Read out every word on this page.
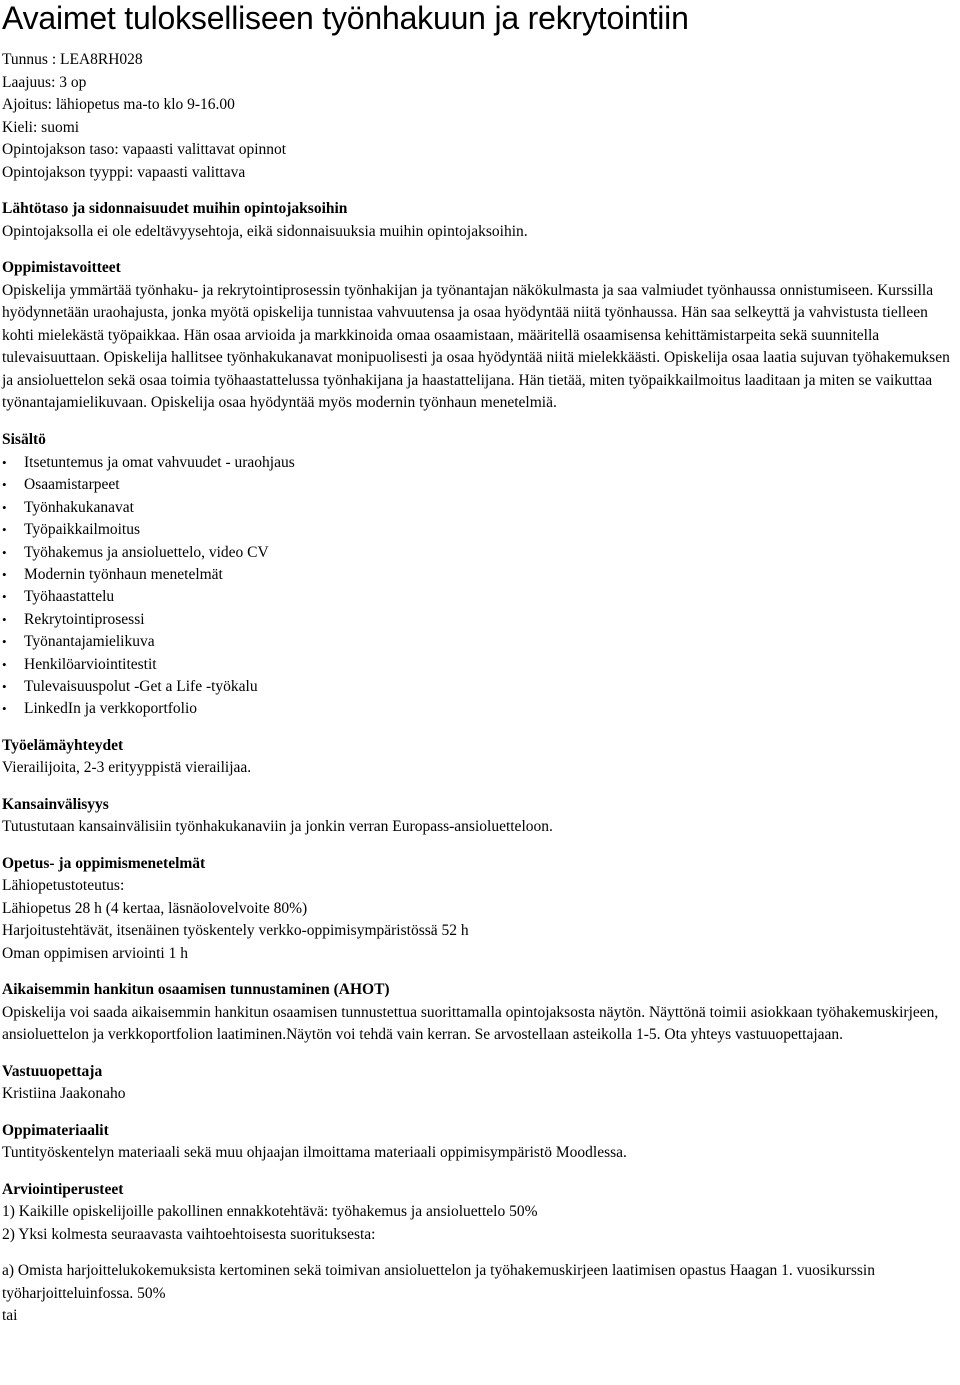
Avaimet tulokselliseen työnhakuun ja rekrytointiin
Tunnus : LEA8RH028
Laajuus: 3 op
Ajoitus: lähiopetus ma-to klo 9-16.00
Kieli: suomi
Opintojakson taso: vapaasti valittavat opinnot
Opintojakson tyyppi: vapaasti valittava
Lähtötaso ja sidonnaisuudet muihin opintojaksoihin

Opintojaksolla ei ole edeltävyysehtoja, eikä sidonnaisuuksia muihin opintojaksoihin.

Oppimistavoitteet

Opiskelija ymmärtää työnhaku- ja rekrytointiprosessin työnhakijan ja työnantajan näkökulmasta ja saa valmiudet työnhaussa onnistumiseen. Kurssilla hyödynnetään uraohajusta, jonka myötä opiskelija tunnistaa vahvuutensa ja osaa hyödyntää niitä työnhaussa. Hän saa selkeyttä ja vahvistusta tielleen kohti mielekästä työpaikkaa. Hän osaa arvioida ja markkinoida omaa osaamistaan, määritellä osaamisensa kehittämistarpeita sekä suunnitella tulevaisuuttaan. Opiskelija hallitsee työnhakukanavat monipuolisesti ja osaa hyödyntää niitä mielekkäästi. Opiskelija osaa laatia sujuvan työhakemuksen ja ansioluettelon sekä osaa toimia työhaastattelussa työnhakijana ja haastattelijana. Hän tietää, miten työpaikkailmoitus laaditaan ja miten se vaikuttaa työnantajamielikuvaan. Opiskelija osaa hyödyntää myös modernin työnhaun menetelmiä.

Sisältö
• Itsetuntemus ja omat vahvuudet - uraohjaus
• Osaamistarpeet
• Työnhakukanavat
• Työpaikkailmoitus
• Työhakemus ja ansioluettelo, video CV
• Modernin työnhaun menetelmät
• Työhaastattelu
• Rekrytointiprosessi
• Työnantajamielikuva
• Henkilöarviointitestit
• Tulevaisuuspolut -Get a Life -työkalu
• LinkedIn ja verkkoportfolio
Työelämäyhteydet

Vierailijoita, 2-3 erityyppistä vierailijaa.

Kansainvälisyys

Tutustutaan kansainvälisiin työnhakukanaviin ja jonkin verran Europass-ansioluetteloon.

Opetus- ja oppimismenetelmät
Lähiopetustoteutus:
Lähiopetus 28 h (4 kertaa, läsnäolovelvoite 80%)
Harjoitustehtävät, itsenäinen työskentely verkko-oppimisympäristössä 52 h
Oman oppimisen arviointi 1 h
Aikaisemmin hankitun osaamisen tunnustaminen (AHOT)

Opiskelija voi saada aikaisemmin hankitun osaamisen tunnustettua suorittamalla opintojaksosta näytön. Näyttönä toimii asiokkaan työhakemuskirjeen, ansioluettelon ja verkkoportfolion laatiminen.Näytön voi tehdä vain kerran. Se arvostellaan asteikolla 1-5. Ota yhteys vastuuopettajaan.

Vastuuopettaja

Kristiina Jaakonaho

Oppimateriaalit

Tuntityöskentelyn materiaali sekä muu ohjaajan ilmoittama materiaali oppimisympäristö Moodlessa.

Arviointiperusteet
1) Kaikille opiskelijoille pakollinen ennakkotehtävä: työhakemus ja ansioluettelo 50%
2) Yksi kolmesta seuraavasta vaihtoehtoisesta suorituksesta:

a) Omista harjoittelukokemuksista kertominen sekä toimivan ansioluettelon ja työhakemuskirjeen laatimisen opastus Haagan 1. vuosikurssin työharjoitteluinfossa. 50%

tai
